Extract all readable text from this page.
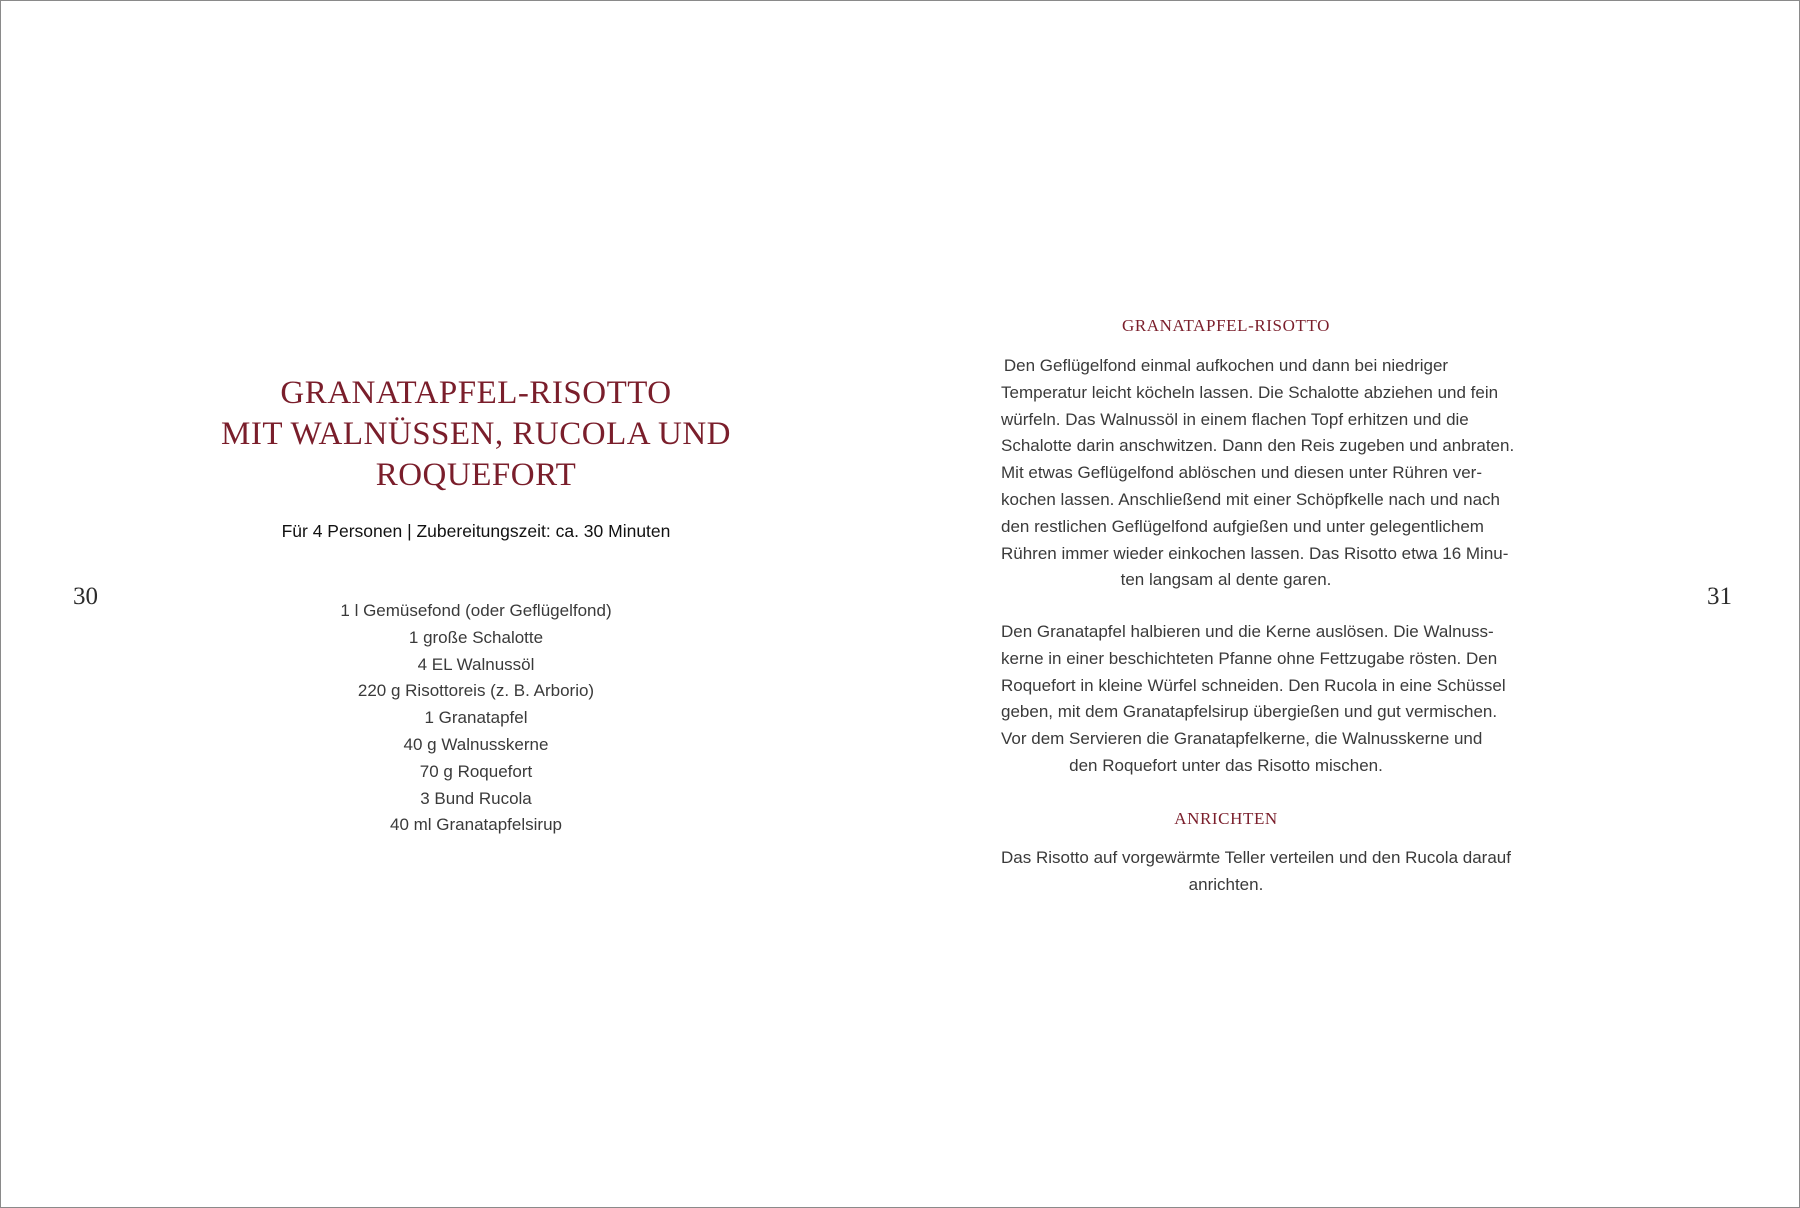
30
GRANATAPFEL-RISOTTO
MIT WALNÜSSEN, RUCOLA UND
ROQUEFORT
Für 4 Personen | Zubereitungszeit: ca. 30 Minuten
1 l Gemüsefond (oder Geflügelfond)
1 große Schalotte
4 EL Walnussöl
220 g Risottoreis (z. B. Arborio)
1 Granatapfel
40 g Walnusskerne
70 g Roquefort
3 Bund Rucola
40 ml Granatapfelsirup
GRANATAPFEL-RISOTTO

Den Geflügelfond einmal aufkochen und dann bei niedriger
Temperatur leicht köcheln lassen. Die Schalotte abziehen und fein
würfeln. Das Walnussöl in einem flachen Topf erhitzen und die
Schalotte darin anschwitzen. Dann den Reis zugeben und anbraten.
Mit etwas Geflügelfond ablöschen und diesen unter Rühren ver-
kochen lassen. Anschließend mit einer Schöpfkelle nach und nach
den restlichen Geflügelfond aufgießen und unter gelegentlichem
Rühren immer wieder einkochen lassen. Das Risotto etwa 16 Minu-
ten langsam al dente garen.

Den Granatapfel halbieren und die Kerne auslösen. Die Walnuss-
kerne in einer beschichteten Pfanne ohne Fettzugabe rösten. Den
Roquefort in kleine Würfel schneiden. Den Rucola in eine Schüssel
geben, mit dem Granatapfelsirup übergießen und gut vermischen.
Vor dem Servieren die Granatapfelkerne, die Walnusskerne und
den Roquefort unter das Risotto mischen.

ANRICHTEN

Das Risotto auf vorgewärmte Teller verteilen und den Rucola darauf
anrichten.

31
